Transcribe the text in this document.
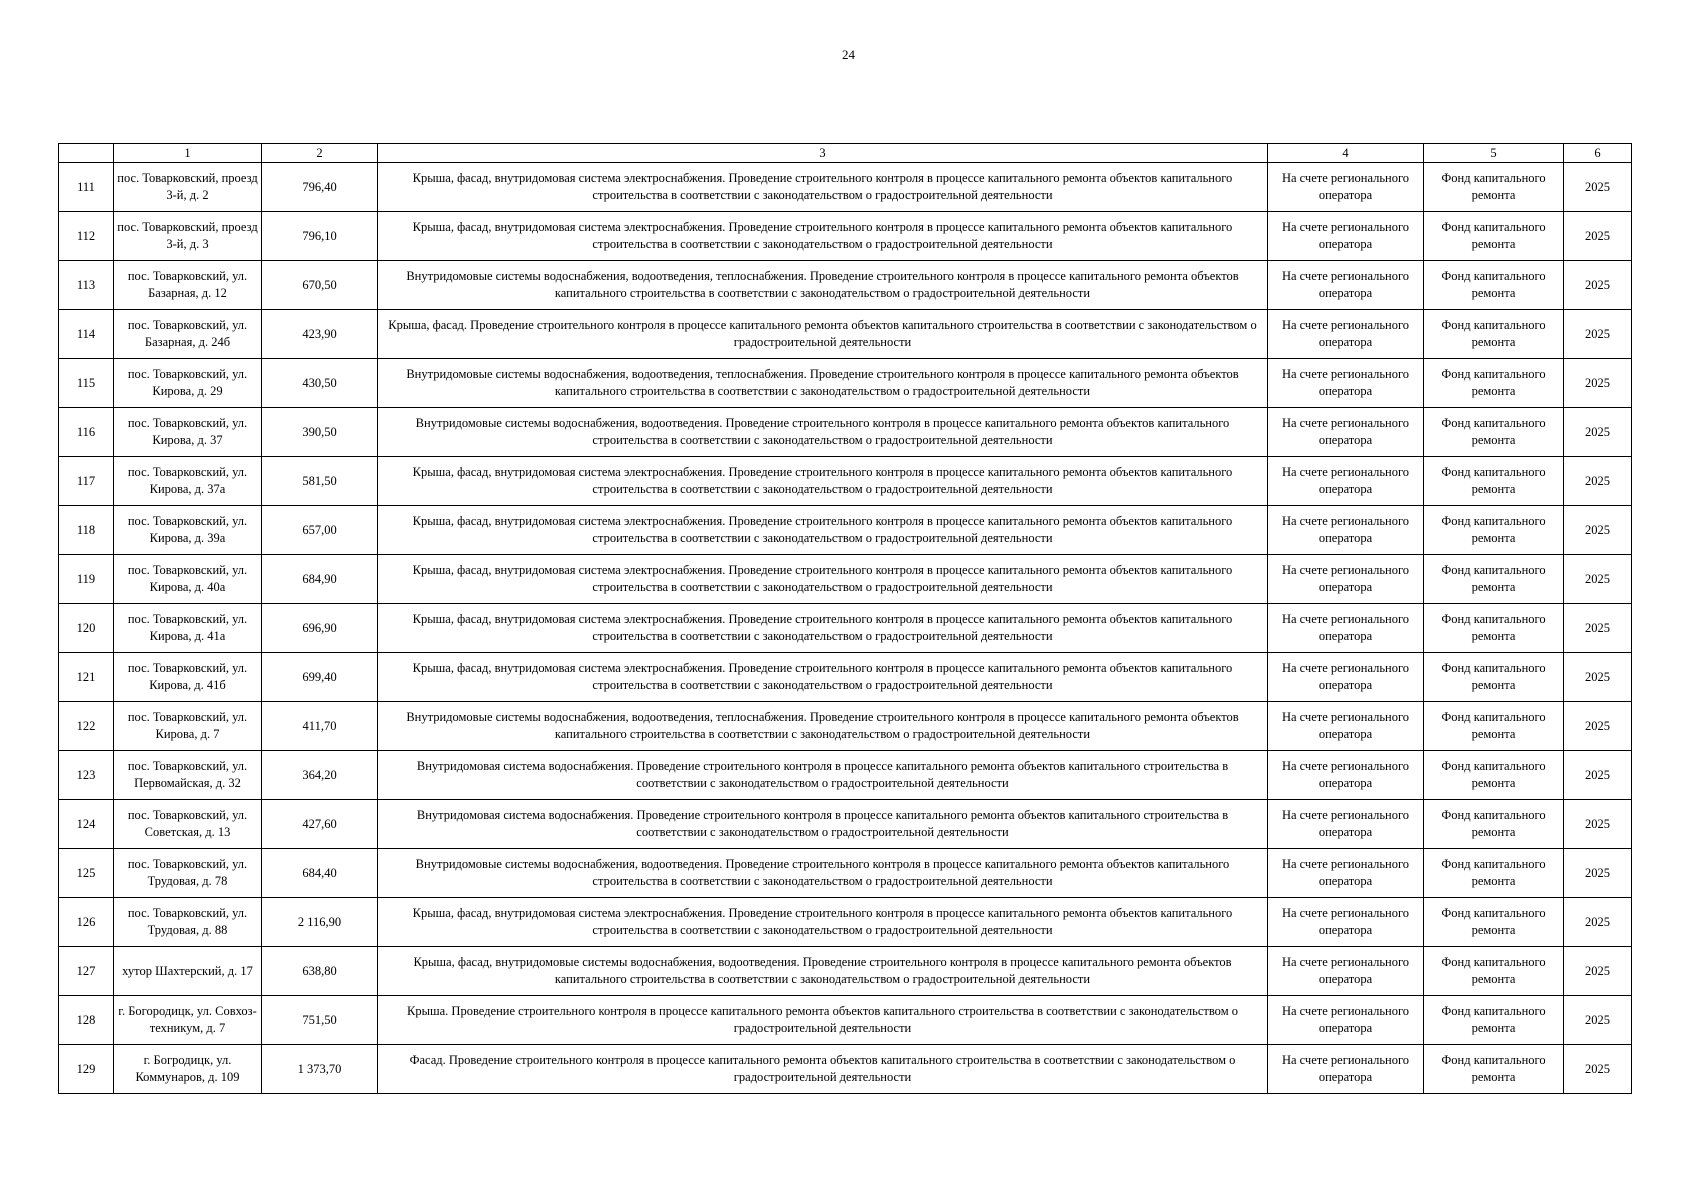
24
	1	2	3	4	5	6
111	пос. Товарковский, проезд 3-й, д. 2	796,40	Крыша, фасад, внутридомовая система электроснабжения. Проведение строительного контроля в процессе капитального ремонта объектов капитального строительства в соответствии с законодательством о градостроительной деятельности	На счете регионального оператора	Фонд капитального ремонта	2025
112	пос. Товарковский, проезд 3-й, д. 3	796,10	Крыша, фасад, внутридомовая система электроснабжения. Проведение строительного контроля в процессе капитального ремонта объектов капитального строительства в соответствии с законодательством о градостроительной деятельности	На счете регионального оператора	Фонд капитального ремонта	2025
113	пос. Товарковский, ул. Базарная, д. 12	670,50	Внутридомовые системы водоснабжения, водоотведения, теплоснабжения. Проведение строительного контроля в процессе капитального ремонта объектов капитального строительства в соответствии с законодательством о градостроительной деятельности	На счете регионального оператора	Фонд капитального ремонта	2025
114	пос. Товарковский, ул. Базарная, д. 24б	423,90	Крыша, фасад. Проведение строительного контроля в процессе капитального ремонта объектов капитального строительства в соответствии с законодательством о градостроительной деятельности	На счете регионального оператора	Фонд капитального ремонта	2025
115	пос. Товарковский, ул. Кирова, д. 29	430,50	Внутридомовые системы водоснабжения, водоотведения, теплоснабжения. Проведение строительного контроля в процессе капитального ремонта объектов капитального строительства в соответствии с законодательством о градостроительной деятельности	На счете регионального оператора	Фонд капитального ремонта	2025
116	пос. Товарковский, ул. Кирова, д. 37	390,50	Внутридомовые системы водоснабжения, водоотведения. Проведение строительного контроля в процессе капитального ремонта объектов капитального строительства в соответствии с законодательством о градостроительной деятельности	На счете регионального оператора	Фонд капитального ремонта	2025
117	пос. Товарковский, ул. Кирова, д. 37а	581,50	Крыша, фасад, внутридомовая система электроснабжения. Проведение строительного контроля в процессе капитального ремонта объектов капитального строительства в соответствии с законодательством о градостроительной деятельности	На счете регионального оператора	Фонд капитального ремонта	2025
118	пос. Товарковский, ул. Кирова, д. 39а	657,00	Крыша, фасад, внутридомовая система электроснабжения. Проведение строительного контроля в процессе капитального ремонта объектов капитального строительства в соответствии с законодательством о градостроительной деятельности	На счете регионального оператора	Фонд капитального ремонта	2025
119	пос. Товарковский, ул. Кирова, д. 40а	684,90	Крыша, фасад, внутридомовая система электроснабжения. Проведение строительного контроля в процессе капитального ремонта объектов капитального строительства в соответствии с законодательством о градостроительной деятельности	На счете регионального оператора	Фонд капитального ремонта	2025
120	пос. Товарковский, ул. Кирова, д. 41а	696,90	Крыша, фасад, внутридомовая система электроснабжения. Проведение строительного контроля в процессе капитального ремонта объектов капитального строительства в соответствии с законодательством о градостроительной деятельности	На счете регионального оператора	Фонд капитального ремонта	2025
121	пос. Товарковский, ул. Кирова, д. 41б	699,40	Крыша, фасад, внутридомовая система электроснабжения. Проведение строительного контроля в процессе капитального ремонта объектов капитального строительства в соответствии с законодательством о градостроительной деятельности	На счете регионального оператора	Фонд капитального ремонта	2025
122	пос. Товарковский, ул. Кирова, д. 7	411,70	Внутридомовые системы водоснабжения, водоотведения, теплоснабжения. Проведение строительного контроля в процессе капитального ремонта объектов капитального строительства в соответствии с законодательством о градостроительной деятельности	На счете регионального оператора	Фонд капитального ремонта	2025
123	пос. Товарковский, ул. Первомайская, д. 32	364,20	Внутридомовая система водоснабжения. Проведение строительного контроля в процессе капитального ремонта объектов капитального строительства в соответствии с законодательством о градостроительной деятельности	На счете регионального оператора	Фонд капитального ремонта	2025
124	пос. Товарковский, ул. Советская, д. 13	427,60	Внутридомовая система водоснабжения. Проведение строительного контроля в процессе капитального ремонта объектов капитального строительства в соответствии с законодательством о градостроительной деятельности	На счете регионального оператора	Фонд капитального ремонта	2025
125	пос. Товарковский, ул. Трудовая, д. 78	684,40	Внутридомовые системы водоснабжения, водоотведения. Проведение строительного контроля в процессе капитального ремонта объектов капитального строительства в соответствии с законодательством о градостроительной деятельности	На счете регионального оператора	Фонд капитального ремонта	2025
126	пос. Товарковский, ул. Трудовая, д. 88	2 116,90	Крыша, фасад, внутридомовая система электроснабжения. Проведение строительного контроля в процессе капитального ремонта объектов капитального строительства в соответствии с законодательством о градостроительной деятельности	На счете регионального оператора	Фонд капитального ремонта	2025
127	хутор Шахтерский, д. 17	638,80	Крыша, фасад, внутридомовые системы водоснабжения, водоотведения. Проведение строительного контроля в процессе капитального ремонта объектов капитального строительства в соответствии с законодательством о градостроительной деятельности	На счете регионального оператора	Фонд капитального ремонта	2025
128	г. Богородицк, ул. Совхоз-техникум, д. 7	751,50	Крыша. Проведение строительного контроля в процессе капитального ремонта объектов капитального строительства в соответствии с законодательством о градостроительной деятельности	На счете регионального оператора	Фонд капитального ремонта	2025
129	г. Богродицк, ул. Коммунаров, д. 109	1 373,70	Фасад. Проведение строительного контроля в процессе капитального ремонта объектов капитального строительства в соответствии с законодательством о градостроительной деятельности	На счете регионального оператора	Фонд капитального ремонта	2025
